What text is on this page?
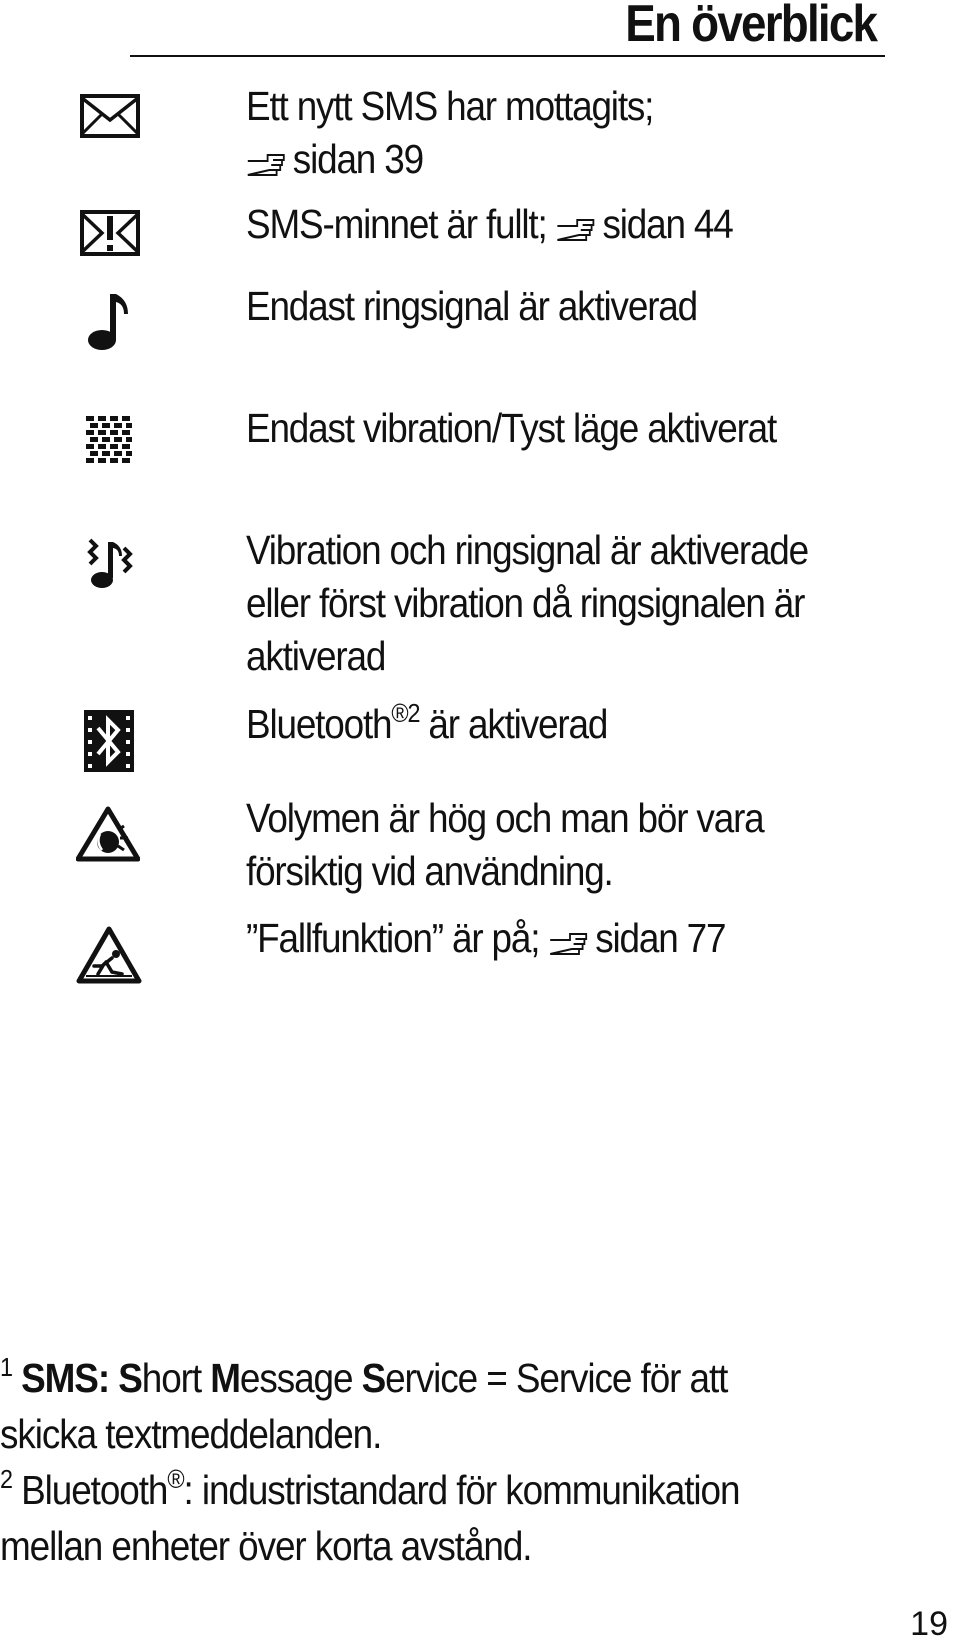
En överblick

Ett nytt SMS har mottagits;
sidan 39

SMS-minnet är fullt; sidan 44

Endast ringsignal är aktiverad

Endast vibration/Tyst läge aktiverat

Vibration och ringsignal är aktiverade
eller först vibration då ringsignalen är
aktiverad

Bluetooth$^{®2}$ är aktiverad

Volymen är hög och man bör vara
försiktig vid användning.

”Fallfunktion” är på; sidan 77

$^1$ SMS: Short Message Service = Service för att

skicka textmeddelanden.

$^2$ Bluetooth®: industristandard för kommunikation

mellan enheter över korta avstånd.

19
